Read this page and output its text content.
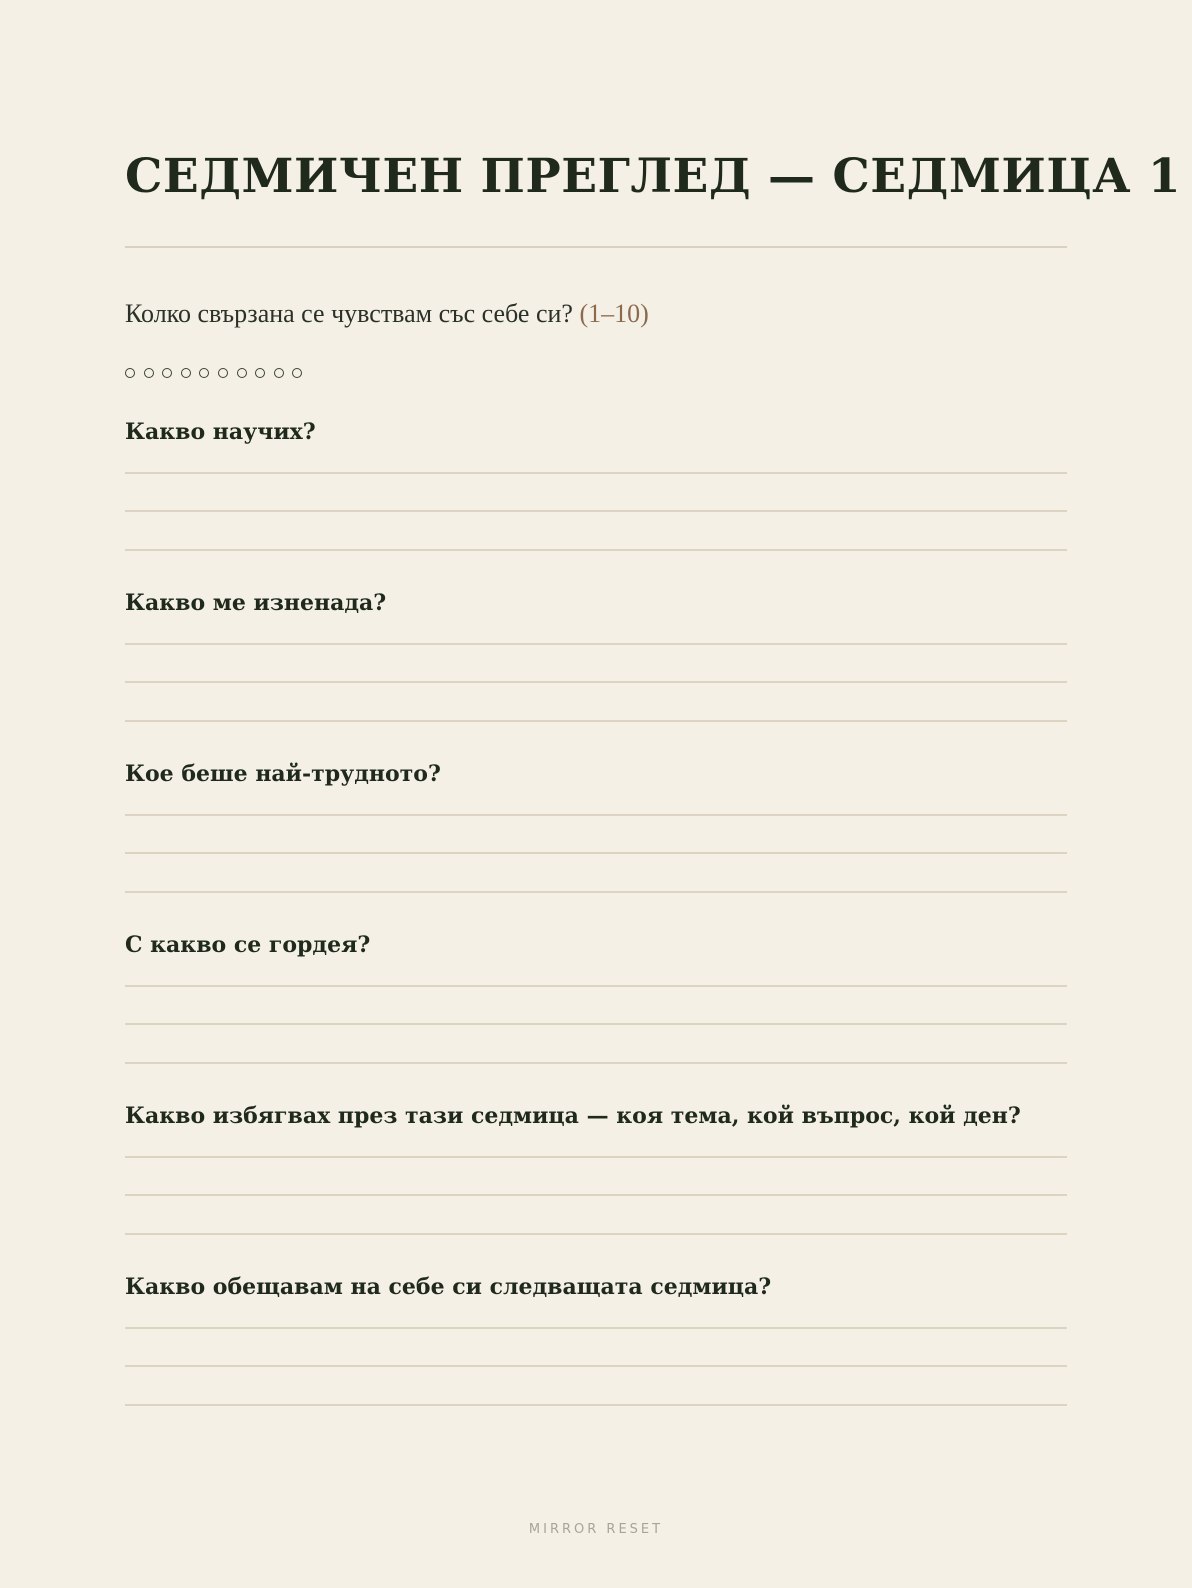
СЕДМИЧЕН ПРЕГЛЕД — СЕДМИЦА 1
Колко свързана се чувствам със себе си? (1–10)
Какво научих?
Какво ме изненада?
Кое беше най-трудното?
С какво се гордея?
Какво избягвах през тази седмица — коя тема, кой въпрос, кой ден?
Какво обещавам на себе си следващата седмица?
MIRROR RESET
